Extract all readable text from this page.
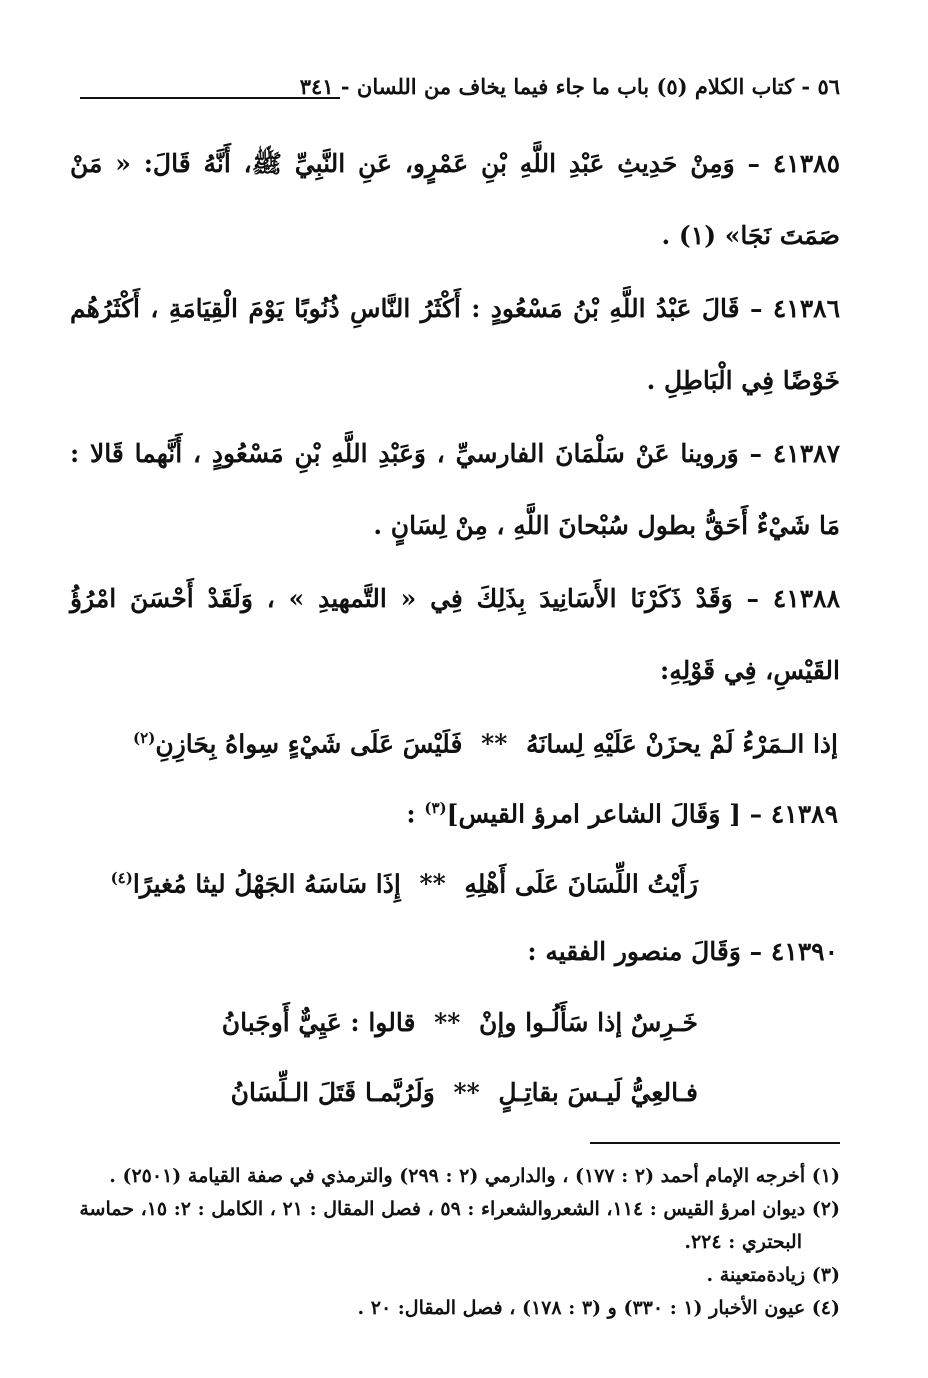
٥٦ - كتاب الكلام (٥) باب ما جاء فيما يخاف من اللسان - ٣٤١
٤١٣٨٥ – وَمِنْ حَدِيثِ عَبْدِ اللَّهِ بْنِ عَمْرٍو، عَنِ النَّبِيِّ ﷺ، أَنَّهُ قَالَ: « مَنْ صَمَتَ نَجَا» (١) .
٤١٣٨٦ – قَالَ عَبْدُ اللَّهِ بْنُ مَسْعُودٍ : أَكْثَرُ النَّاسِ ذُنُوبًا يَوْمَ الْقِيَامَةِ ، أَكْثَرُهُم خَوْضًا فِي الْبَاطِلِ .
٤١٣٨٧ – وَروينا عَنْ سَلْمَانَ الفارسيِّ ، وَعَبْدِ اللَّهِ بْنِ مَسْعُودٍ ، أَنَّهما قَالا : مَا شَيْءٌ أَحَقُّ بطول سُبْحانَ اللَّهِ ، مِنْ لِسَانٍ .
٤١٣٨٨ – وَقَدْ ذَكَرْنَا الأَسَانِيدَ بِذَلِكَ فِي « التَّمهيدِ » ، وَلَقَدْ أَحْسَنَ امْرُؤُ القَيْسِ، فِي قَوْلِهِ:
إذا الـمَرْءُ لَمْ يحزَنْ عَلَيْهِ لِسانَهُ ** فَلَيْسَ عَلَى شَيْءٍ سِواهُ بِحَازِنِ$^{(٢)}$
٤١٣٨٩ – [ وَقَالَ الشاعر امرؤ القيس]$^{(٣)}$ :
رَأَيْتُ اللِّسَانَ عَلَى أَهْلِهِ ** إِذَا سَاسَهُ الجَهْلُ ليثا مُغيرًا$^{(٤)}$
٤١٣٩٠ – وَقَالَ منصور الفقيه :
خَـرِسٌ إذا سَأَلُـوا وإنْ ** قالوا : عَيِيٌّ أَوجَبانُ
فـالعِيُّ لَيـسَ بقاتِـلٍ ** وَلَرُبَّمـا قَتَلَ الـلِّسَانُ
(١) أخرجه الإمام أحمد (٢ : ١٧٧) ، والدارمي (٢ : ٢٩٩) والترمذي في صفة القيامة (٢٥٠١) .
(٢) ديوان امرؤ القيس : ١١٤، الشعروالشعراء : ٥٩ ، فصل المقال : ٢١ ، الكامل : ٢: ١٥، حماسة
البحتري : ٢٢٤.
(٣) زيادةمتعينة .
(٤) عيون الأخبار (١ : ٣٣٠) و (٣ : ١٧٨) ، فصل المقال: ٢٠ .
